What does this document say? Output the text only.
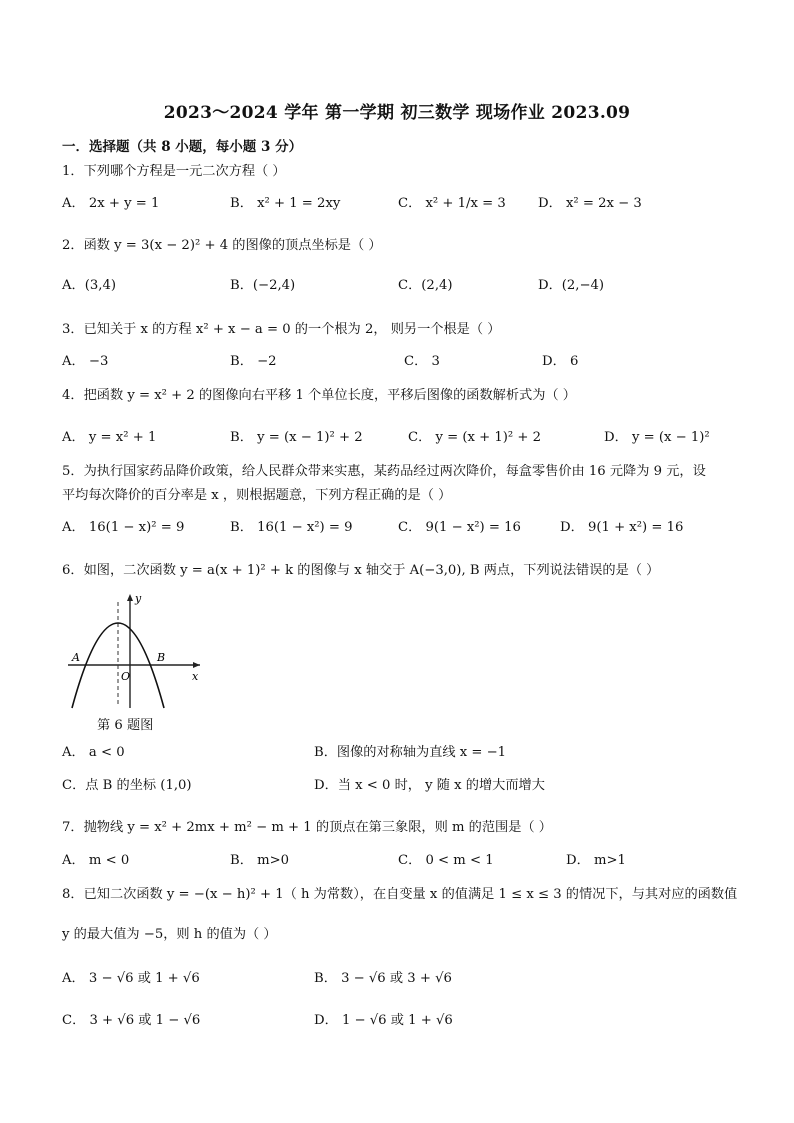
2023～2024 学年 第一学期 初三数学 现场作业 2023.09
一．选择题（共 8 小题，每小题 3 分）
1．下列哪个方程是一元二次方程（ ）
A． 2x + y = 1	B． x² + 1 = 2xy	C． x² + 1/x = 3 D． x² = 2x − 3
2．函数 y = 3(x − 2)² + 4 的图像的顶点坐标是（ ）
A．(3,4)	B．(−2,4)	C．(2,4)	D．(2,−4)
3．已知关于 x 的方程 x² + x − a = 0 的一个根为 2， 则另一个根是（ ）
A． −3	B． −2	C． 3	D． 6
4．把函数 y = x² + 2 的图像向右平移 1 个单位长度，平移后图像的函数解析式为（ ）
A． y = x² + 1	B． y = (x − 1)² + 2	C． y = (x + 1)² + 2	D． y = (x − 1)²
5．为执行国家药品降价政策，给人民群众带来实惠，某药品经过两次降价，每盒零售价由 16 元降为 9 元，设
平均每次降价的百分率是 x ，则根据题意，下列方程正确的是（ ）
A． 16(1 − x)² = 9	B． 16(1 − x²) = 9	C． 9(1 − x²) = 16	D． 9(1 + x²) = 16
6．如图，二次函数 y = a(x + 1)² + k 的图像与 x 轴交于 A(−3,0), B 两点，下列说法错误的是（ ）
A	B
O	x
y
第 6 题图
A． a < 0	B．图像的对称轴为直线 x = −1
C．点 B 的坐标 (1,0)	D．当 x < 0 时， y 随 x 的增大而增大
7．抛物线 y = x² + 2mx + m² − m + 1 的顶点在第三象限，则 m 的范围是（ ）
A． m < 0	B． m>0	C． 0 < m < 1	D． m>1
8．已知二次函数 y = −(x − h)² + 1（ h 为常数），在自变量 x 的值满足 1 ≤ x ≤ 3 的情况下，与其对应的函数值
y 的最大值为 −5，则 h 的值为（ ）
A． 3 − √6 或 1 + √6	B． 3 − √6 或 3 + √6
C． 3 + √6 或 1 − √6	D． 1 − √6 或 1 + √6
